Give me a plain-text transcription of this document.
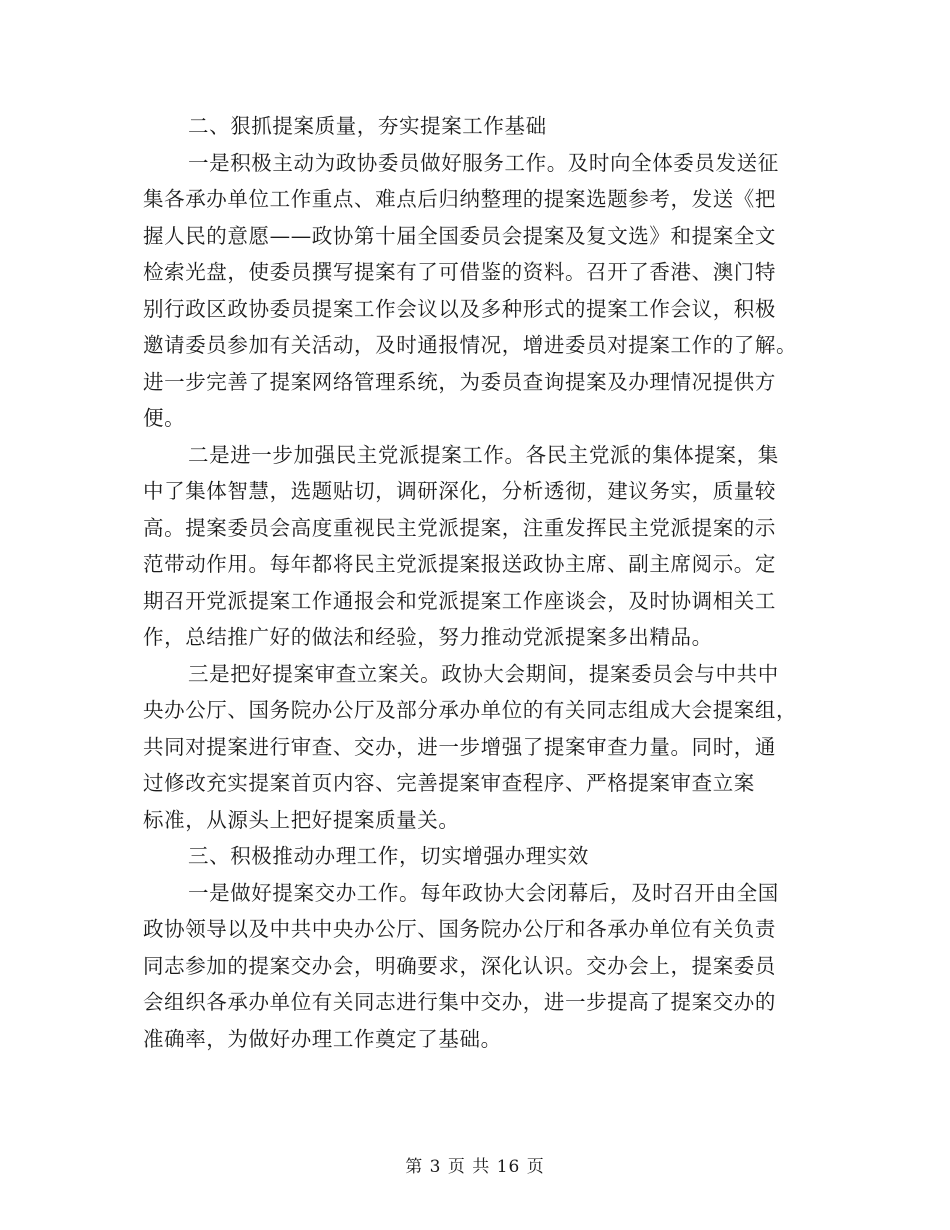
二、狠抓提案质量，夯实提案工作基础
一是积极主动为政协委员做好服务工作。及时向全体委员发送征
集各承办单位工作重点、难点后归纳整理的提案选题参考，发送《把
握人民的意愿——政协第十届全国委员会提案及复文选》和提案全文
检索光盘，使委员撰写提案有了可借鉴的资料。召开了香港、澳门特
别行政区政协委员提案工作会议以及多种形式的提案工作会议，积极
邀请委员参加有关活动，及时通报情况，增进委员对提案工作的了解。
进一步完善了提案网络管理系统，为委员查询提案及办理情况提供方
便。
二是进一步加强民主党派提案工作。各民主党派的集体提案，集
中了集体智慧，选题贴切，调研深化，分析透彻，建议务实，质量较
高。提案委员会高度重视民主党派提案，注重发挥民主党派提案的示
范带动作用。每年都将民主党派提案报送政协主席、副主席阅示。定
期召开党派提案工作通报会和党派提案工作座谈会，及时协调相关工
作，总结推广好的做法和经验，努力推动党派提案多出精品。
三是把好提案审查立案关。政协大会期间，提案委员会与中共中
央办公厅、国务院办公厅及部分承办单位的有关同志组成大会提案组，
共同对提案进行审查、交办，进一步增强了提案审查力量。同时，通
过修改充实提案首页内容、完善提案审查程序、严格提案审查立案
标准，从源头上把好提案质量关。
三、积极推动办理工作，切实增强办理实效
一是做好提案交办工作。每年政协大会闭幕后，及时召开由全国
政协领导以及中共中央办公厅、国务院办公厅和各承办单位有关负责
同志参加的提案交办会，明确要求，深化认识。交办会上，提案委员
会组织各承办单位有关同志进行集中交办，进一步提高了提案交办的
准确率，为做好办理工作奠定了基础。
第 3 页 共 16 页
